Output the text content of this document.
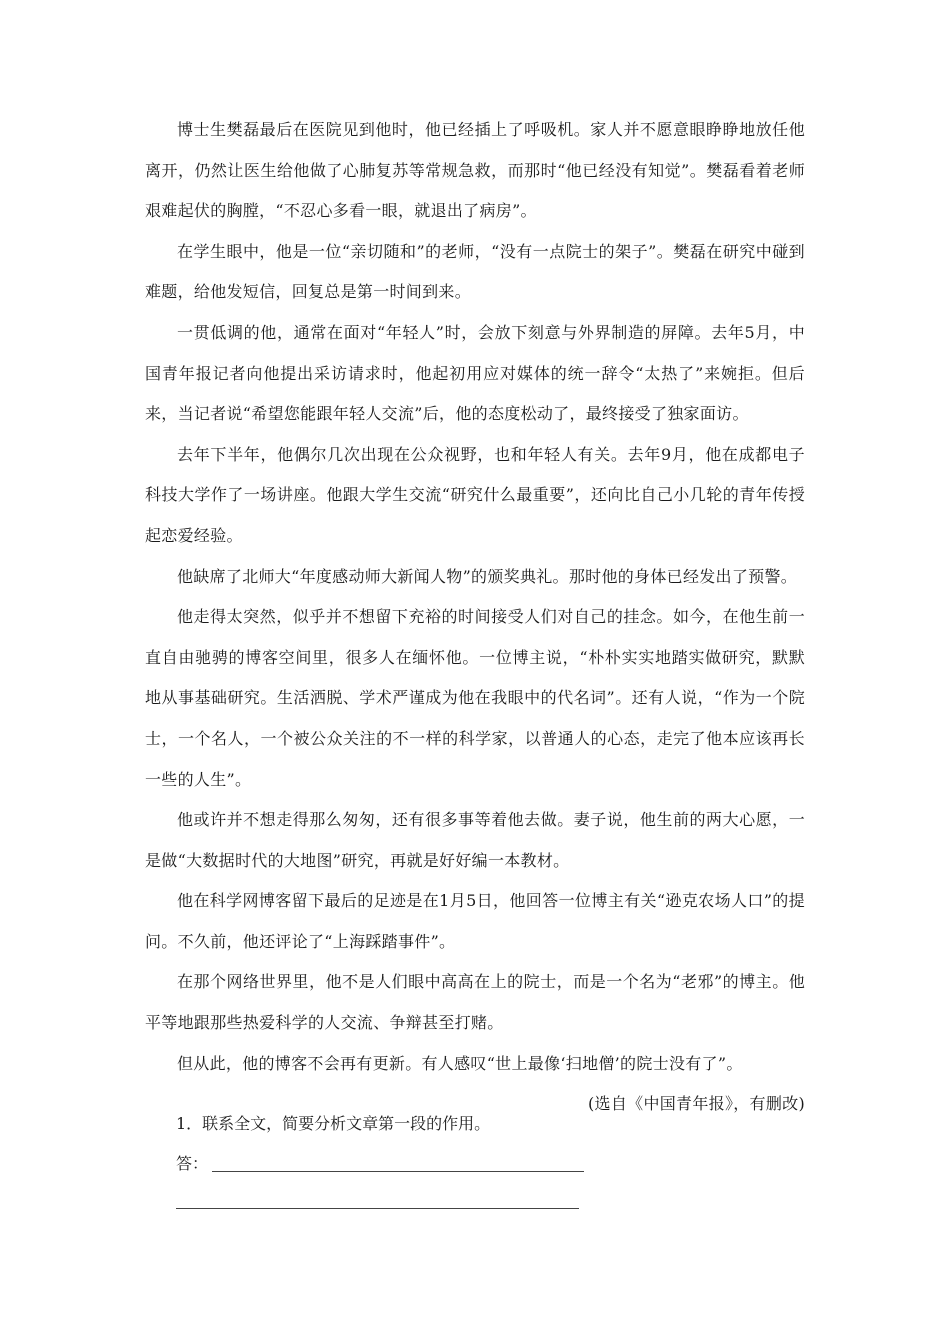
博士生樊磊最后在医院见到他时，他已经插上了呼吸机。家人并不愿意眼睁睁地放任他离开，仍然让医生给他做了心肺复苏等常规急救，而那时“他已经没有知觉”。樊磊看着老师艰难起伏的胸膛，“不忍心多看一眼，就退出了病房”。

在学生眼中，他是一位“亲切随和”的老师，“没有一点院士的架子”。樊磊在研究中碰到难题，给他发短信，回复总是第一时间到来。

一贯低调的他，通常在面对“年轻人”时，会放下刻意与外界制造的屏障。去年5月，中国青年报记者向他提出采访请求时，他起初用应对媒体的统一辞令“太热了”来婉拒。但后来，当记者说“希望您能跟年轻人交流”后，他的态度松动了，最终接受了独家面访。

去年下半年，他偶尔几次出现在公众视野，也和年轻人有关。去年9月，他在成都电子科技大学作了一场讲座。他跟大学生交流“研究什么最重要”，还向比自己小几轮的青年传授起恋爱经验。

他缺席了北师大“年度感动师大新闻人物”的颁奖典礼。那时他的身体已经发出了预警。

他走得太突然，似乎并不想留下充裕的时间接受人们对自己的挂念。如今，在他生前一直自由驰骋的博客空间里，很多人在缅怀他。一位博主说，“朴朴实实地踏实做研究，默默地从事基础研究。生活洒脱、学术严谨成为他在我眼中的代名词”。还有人说，“作为一个院士，一个名人，一个被公众关注的不一样的科学家，以普通人的心态，走完了他本应该再长一些的人生”。

他或许并不想走得那么匆匆，还有很多事等着他去做。妻子说，他生前的两大心愿，一是做“大数据时代的大地图”研究，再就是好好编一本教材。

他在科学网博客留下最后的足迹是在1月5日，他回答一位博主有关“逊克农场人口”的提问。不久前，他还评论了“上海踩踏事件”。

在那个网络世界里，他不是人们眼中高高在上的院士，而是一个名为“老邪”的博主。他平等地跟那些热爱科学的人交流、争辩甚至打赌。

但从此，他的博客不会再有更新。有人感叹“世上最像‘扫地僧’的院士没有了”。

(选自《中国青年报》，有删改)

1．联系全文，简要分析文章第一段的作用。

答：
